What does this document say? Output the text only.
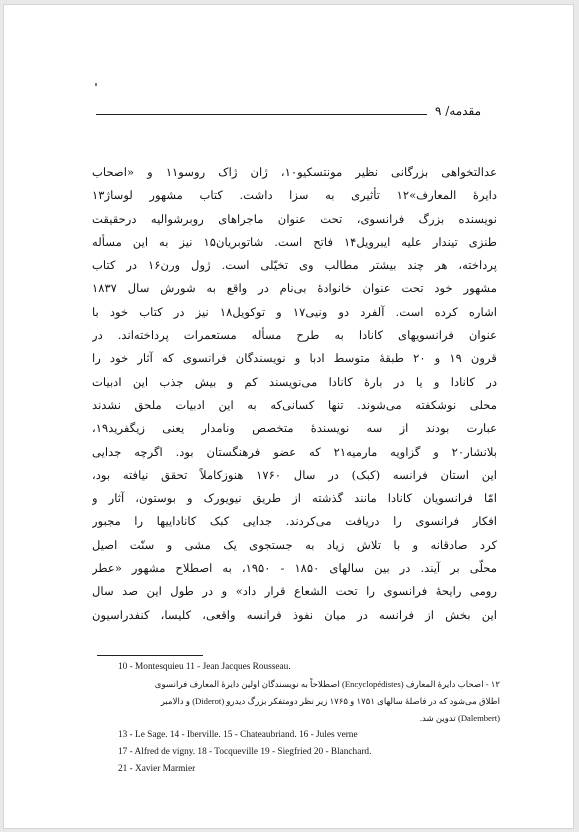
مقدمه/ ۹
عدالتخواهی بزرگانی نظیر مونتسکیو۱۰، ژان ژاک روسو۱۱ و «اصحاب
دایرهٔ المعارف»۱۲ تأثیری به سزا داشت. کتاب مشهور لوساژ۱۳
نویسنده بزرگ فرانسوی، تحت عنوان ماجراهای روبرشوالیه درحقیقت
طنزی تیندار علیه ایبرویل۱۴ فاتح است. شاتوبریان۱۵ نیز به این مسأله
پرداخته، هر چند بیشتر مطالب وی تخیّلی است. ژول ورن۱۶ در کتاب
مشهور خود تحت عنوان خانوادهٔ بی‌نام در واقع به شورش سال ۱۸۳۷
اشاره کرده است. آلفرد دو ونیی۱۷ و توکویل۱۸ نیز در کتاب خود با
عنوان فرانسویهای کانادا به طرح مسأله مستعمرات پرداخته‌اند. در
قرون ۱۹ و ۲۰ طبقهٔ متوسط ادبا و نویسندگان فرانسوی که آثار خود را
در کانادا و یا در بارهٔ کانادا می‌نویسند کم و بیش جذب این ادبیات
محلی نوشکفته می‌شوند. تنها کسانی‌که به این ادبیات ملحق نشدند
عبارت بودند از سه نویسندهٔ متخصص ونامدار یعنی زیگفرید۱۹،
بلانشار۲۰ و گزاویه مارمیه۲۱ که عضو فرهنگستان بود. اگرچه جدایی
این استان فرانسه (کبک) در سال ۱۷۶۰ هنوزکاملاً تحقق نیافته بود،
امّا فرانسویان کانادا مانند گذشته از طریق نیویورک و بوستون، آثار و
افکار فرانسوی را دریافت می‌کردند. جدایی کبک کاناداییها را مجبور
کرد صادقانه و با تلاش زیاد به جستجوی یک مشی و سنّت اصیل
محلّی بر آیند. در بین سالهای ۱۸۵۰ - ۱۹۵۰، به اصطلاح مشهور «عطر
رومی رایحهٔ فرانسوی را تحت الشعاع قرار داد» و در طول این صد سال
این بخش از فرانسه در میان نفوذ فرانسه واقعی، کلیسا، کنفدراسیون
10 - Montesquieu 11 - Jean Jacques Rousseau.
۱۲ - اصحاب دایرهٔ المعارف (Encyclopédistes) اصطلاحاً به نویسندگان اولین دایرهٔ المعارف فرانسوی
اطلاق می‌شود که در فاصلهٔ سالهای ۱۷۵۱ و ۱۷۶۵ زیر نظر دومتفکر بزرگ دیدرو (Diderot) و دالامبر
(Dalembert) تدوین شد.
13 - Le Sage. 14 - Iberville. 15 - Chateaubriand. 16 - Jules verne
17 - Alfred de vigny. 18 - Tocqueville 19 - Siegfried 20 - Blanchard.
21 - Xavier Marmier
